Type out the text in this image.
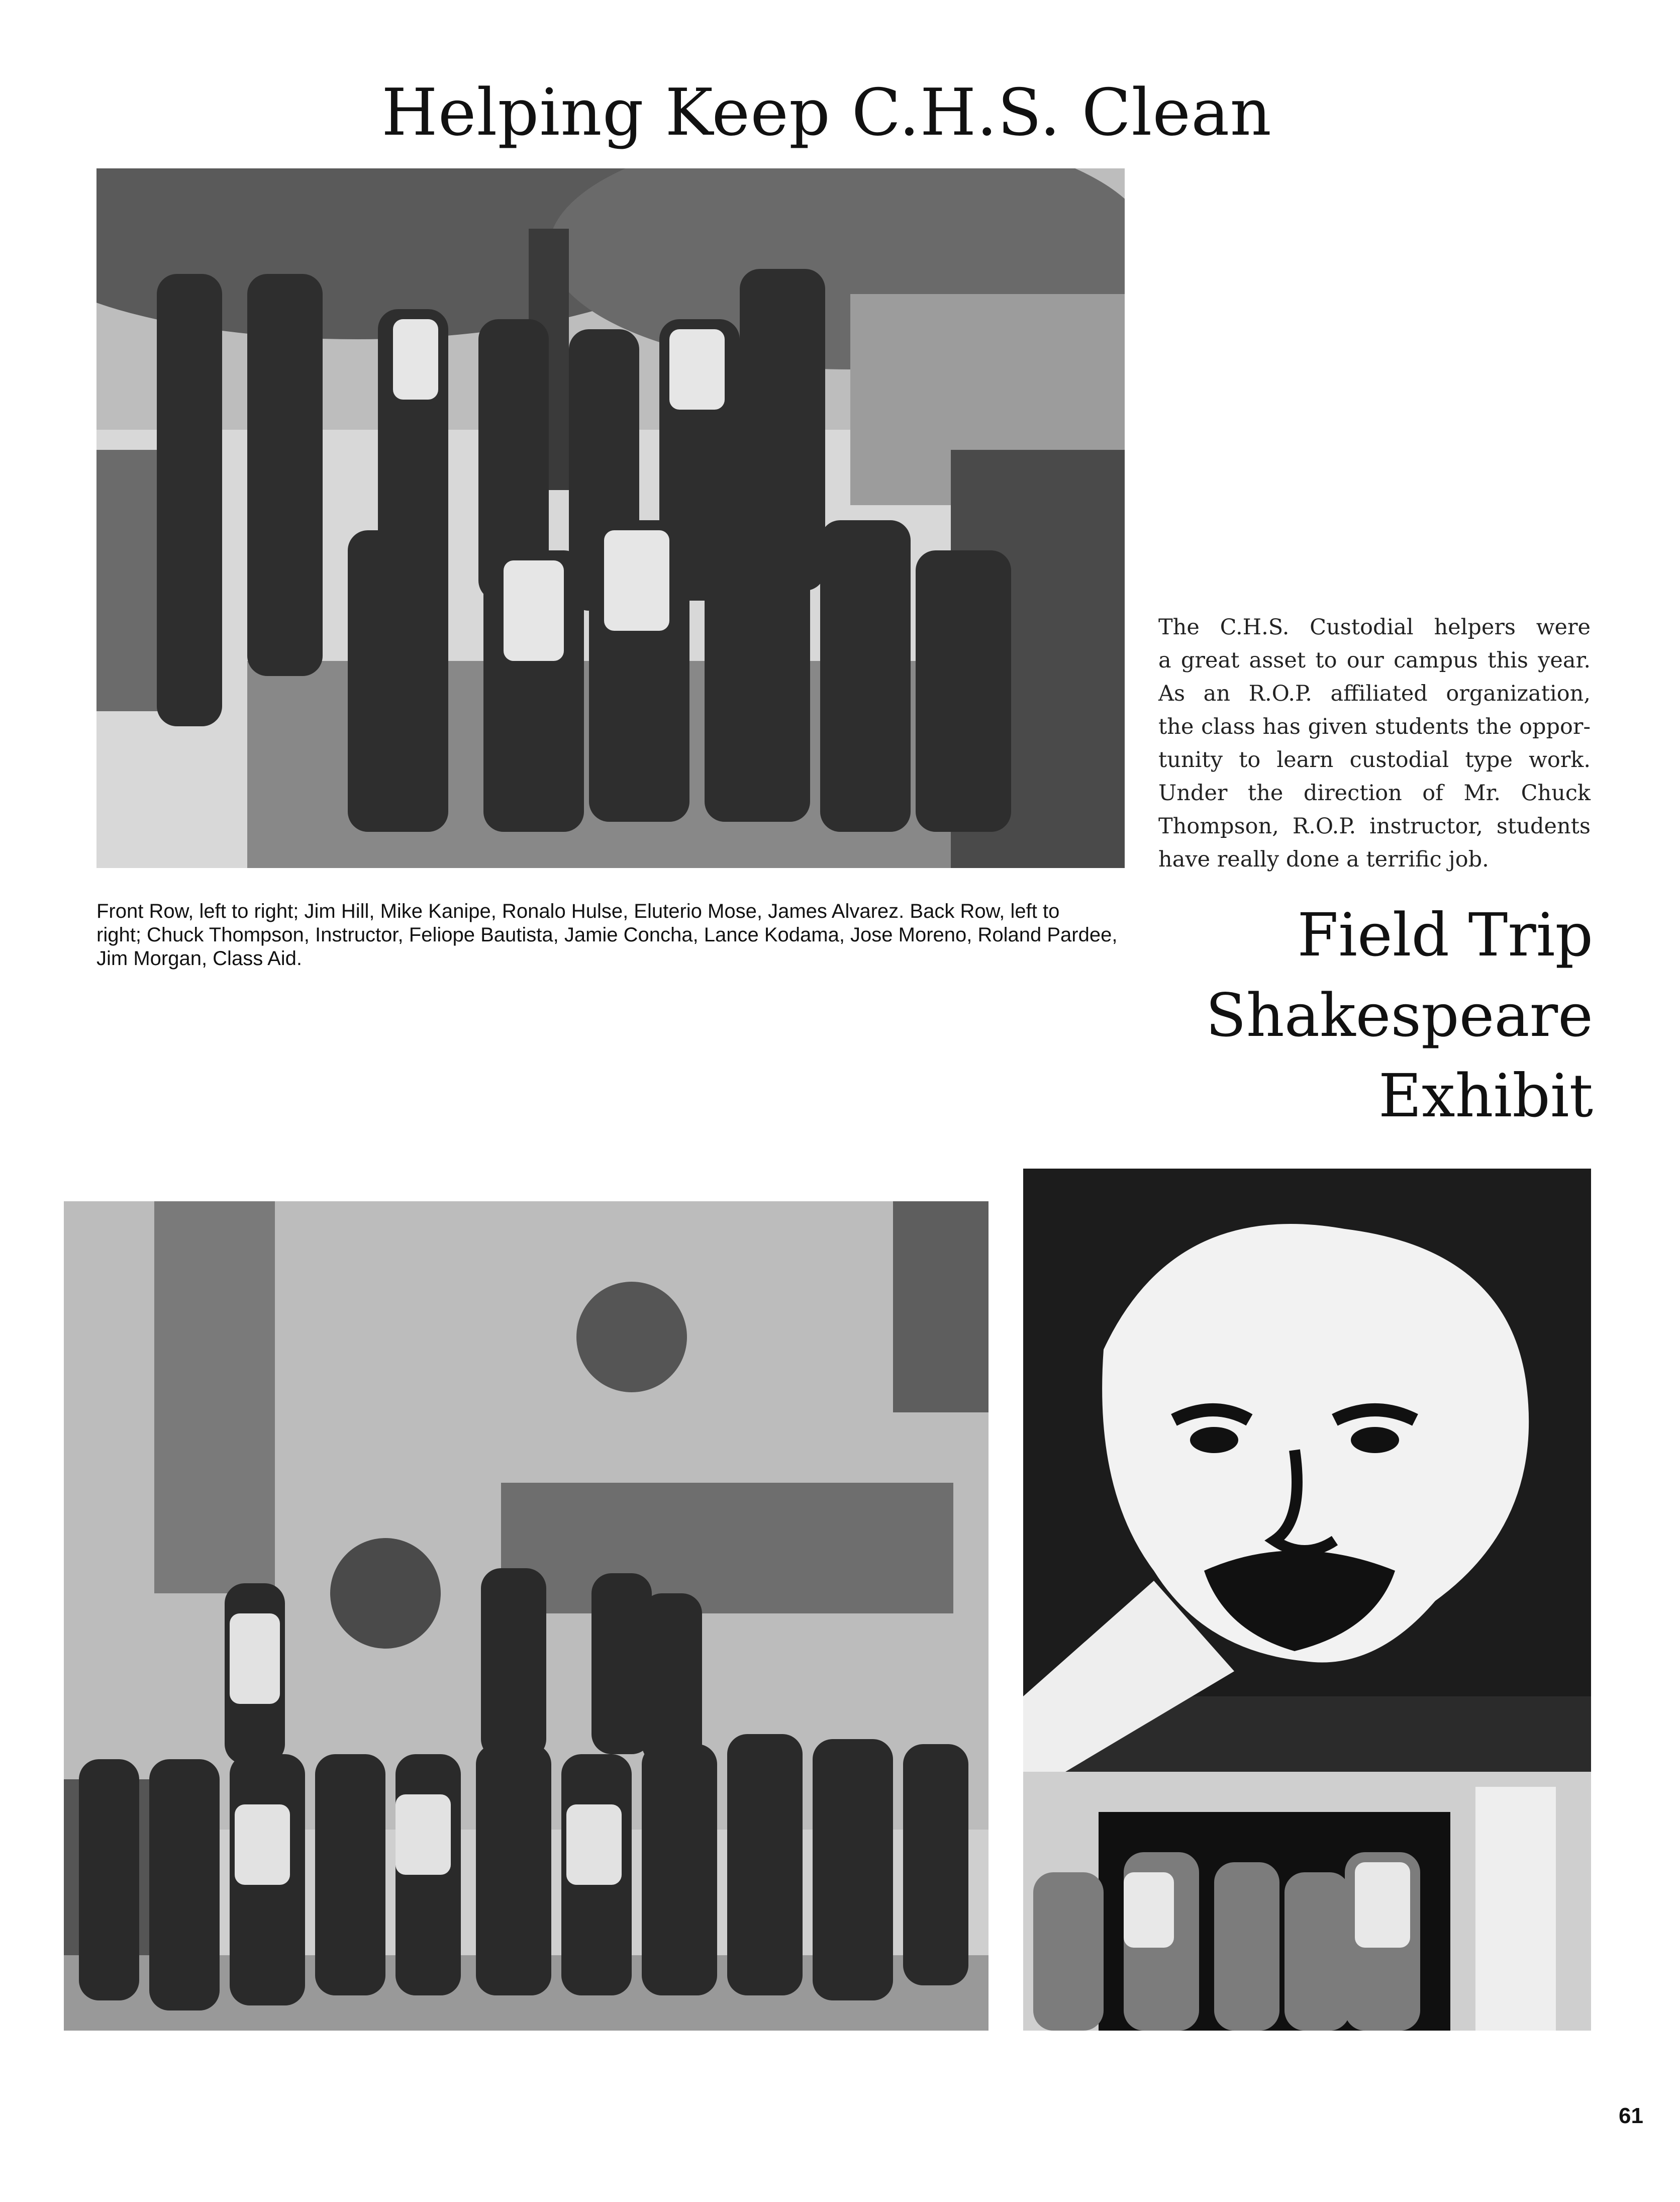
Helping Keep C.H.S. Clean
Front Row, left to right; Jim Hill, Mike Kanipe, Ronalo Hulse, Eluterio Mose, James Alvarez. Back Row, left to
right; Chuck Thompson, Instructor, Feliope Bautista, Jamie Concha, Lance Kodama, Jose Moreno, Roland Pardee,
Jim Morgan, Class Aid.
The C.H.S. Custodial helpers were
a great asset to our campus this year.
As an R.O.P. affiliated organization,
the class has given students the oppor-
tunity to learn custodial type work.
Under the direction of Mr. Chuck
Thompson, R.O.P. instructor, students
have really done a terrific job.
Field Trip
Shakespeare
Exhibit
61
